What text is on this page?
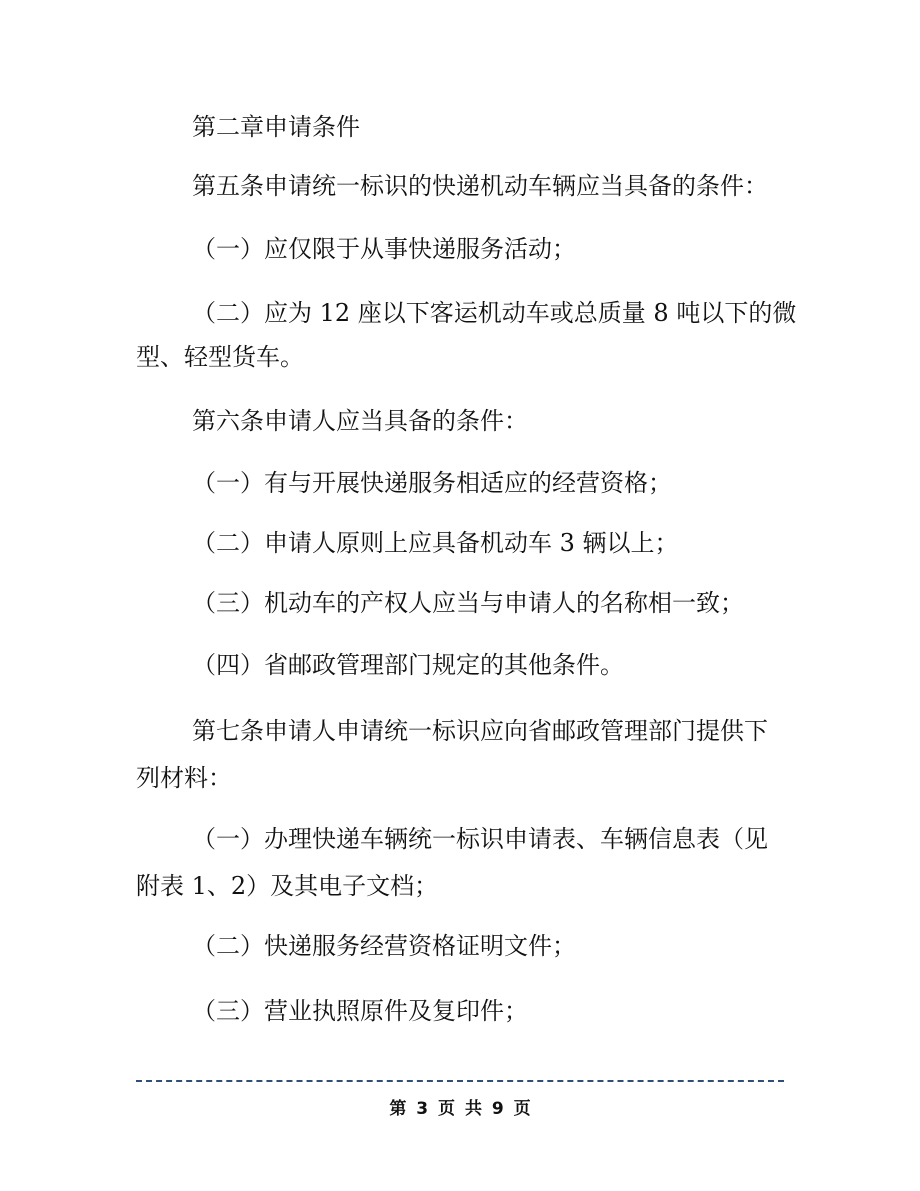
第二章申请条件

第五条申请统一标识的快递机动车辆应当具备的条件：

（一）应仅限于从事快递服务活动；

（二）应为 12 座以下客运机动车或总质量 8 吨以下的微

型、轻型货车。

第六条申请人应当具备的条件：

（一）有与开展快递服务相适应的经营资格；

（二）申请人原则上应具备机动车 3 辆以上；

（三）机动车的产权人应当与申请人的名称相一致；

（四）省邮政管理部门规定的其他条件。

第七条申请人申请统一标识应向省邮政管理部门提供下

列材料：

（一）办理快递车辆统一标识申请表、车辆信息表（见

附表 1、2）及其电子文档；

（二）快递服务经营资格证明文件；

（三）营业执照原件及复印件；

第 3 页 共 9 页
